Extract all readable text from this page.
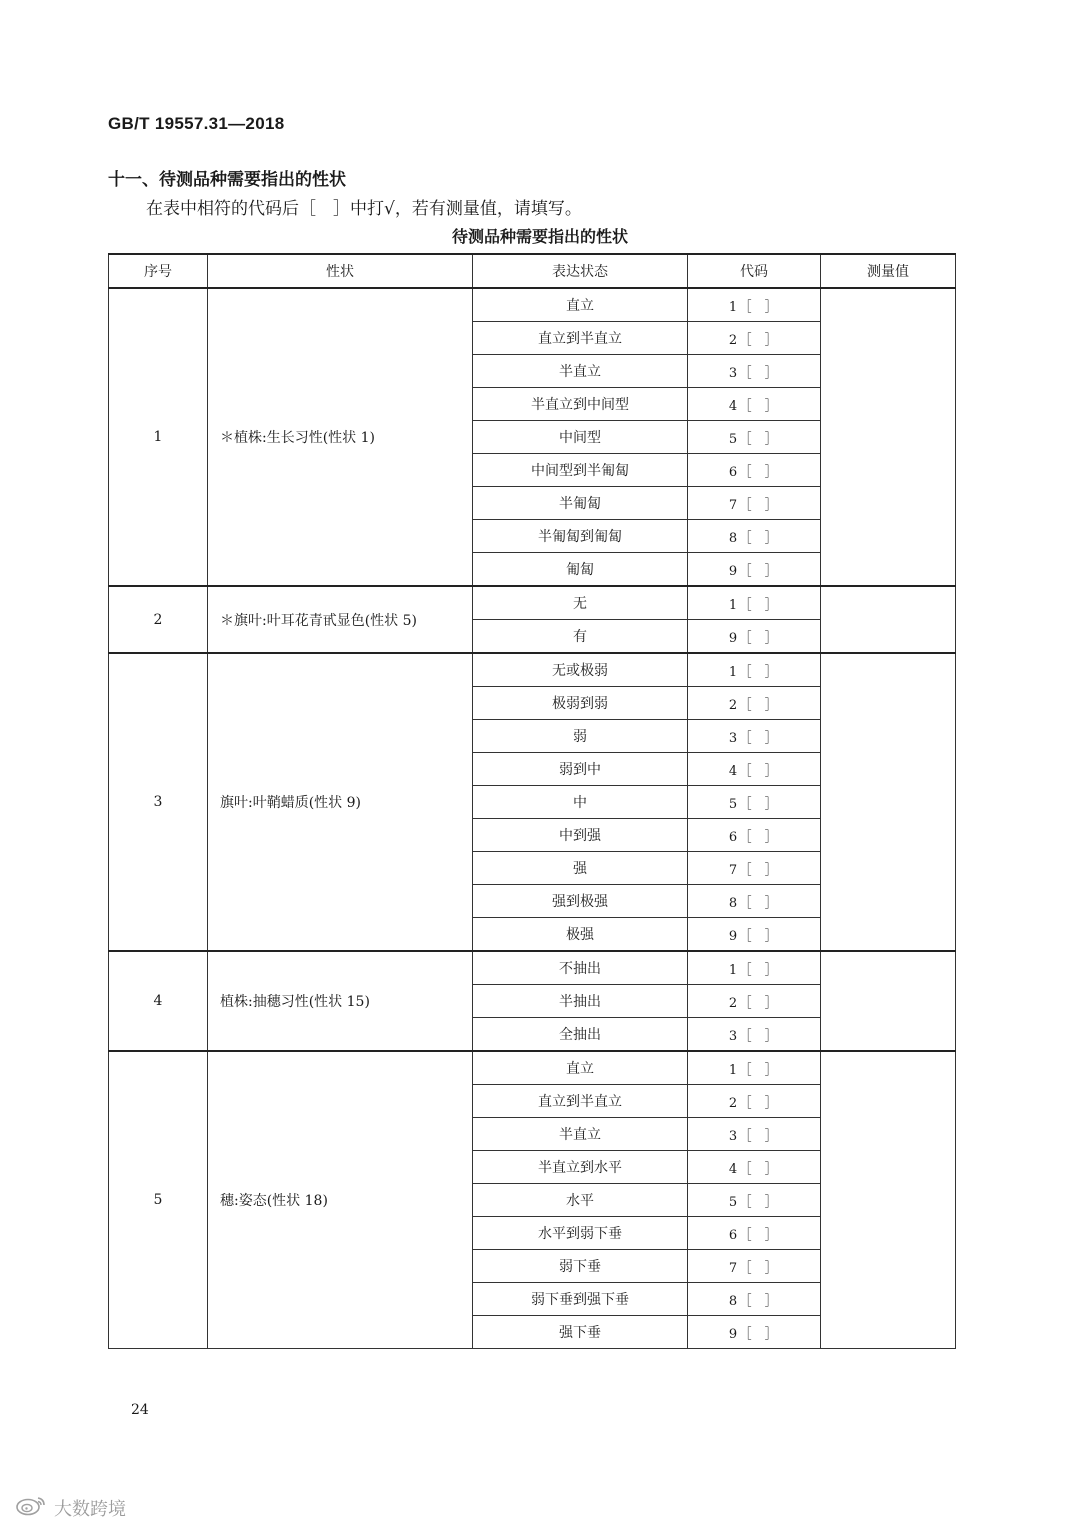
GB/T 19557.31—2018
十一、待测品种需要指出的性状
在表中相符的代码后［　］中打√，若有测量值，请填写。
待测品种需要指出的性状
序号	性状	表达状态	代码	测量值
1	＊植株:生长习性(性状 1)	直立	1［　］	
		直立到半直立	2［　］	
		半直立	3［　］	
		半直立到中间型	4［　］	
		中间型	5［　］	
		中间型到半匍匐	6［　］	
		半匍匐	7［　］	
		半匍匐到匍匐	8［　］	
		匍匐	9［　］	
2	＊旗叶:叶耳花青甙显色(性状 5)	无	1［　］	
		有	9［　］	
3	旗叶:叶鞘蜡质(性状 9)	无或极弱	1［　］	
		极弱到弱	2［　］	
		弱	3［　］	
		弱到中	4［　］	
		中	5［　］	
		中到强	6［　］	
		强	7［　］	
		强到极强	8［　］	
		极强	9［　］	
4	植株:抽穗习性(性状 15)	不抽出	1［　］	
		半抽出	2［　］	
		全抽出	3［　］	
5	穗:姿态(性状 18)	直立	1［　］	
		直立到半直立	2［　］	
		半直立	3［　］	
		半直立到水平	4［　］	
		水平	5［　］	
		水平到弱下垂	6［　］	
		弱下垂	7［　］	
		弱下垂到强下垂	8［　］	
		强下垂	9［　］	
24
大数跨境
